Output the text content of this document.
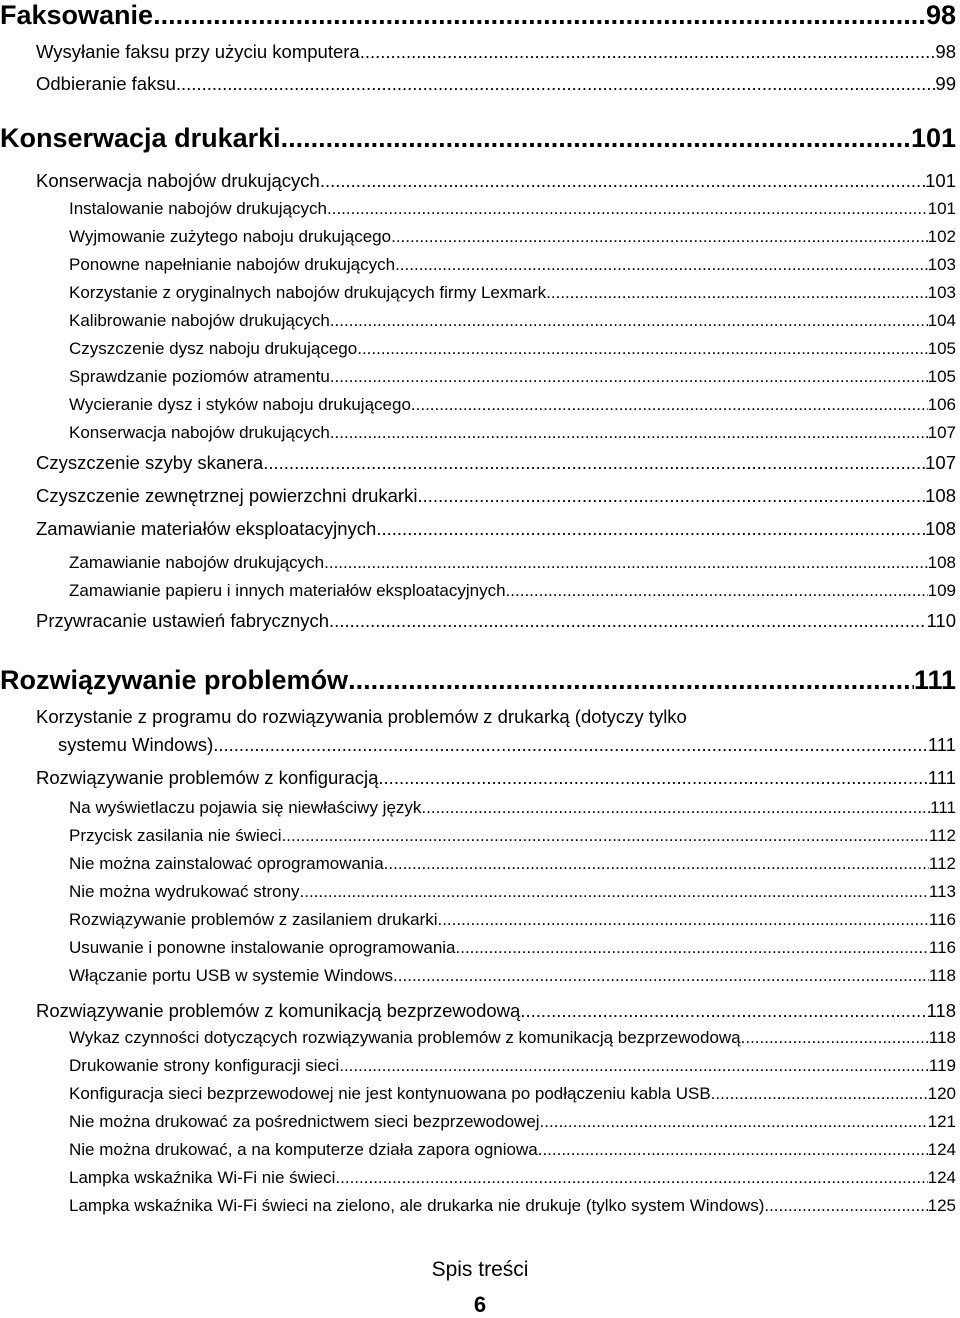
Faksowanie .....	98
Wysyłanie faksu przy użyciu komputera .....	98
Odbieranie faksu .....	99
Konserwacja drukarki .....	101
Konserwacja nabojów drukujących .....	101
Instalowanie nabojów drukujących .....	101
Wyjmowanie zużytego naboju drukującego .....	102
Ponowne napełnianie nabojów drukujących .....	103
Korzystanie z oryginalnych nabojów drukujących firmy Lexmark .....	103
Kalibrowanie nabojów drukujących .....	104
Czyszczenie dysz naboju drukującego .....	105
Sprawdzanie poziomów atramentu .....	105
Wycieranie dysz i styków naboju drukującego .....	106
Konserwacja nabojów drukujących .....	107
Czyszczenie szyby skanera .....	107
Czyszczenie zewnętrznej powierzchni drukarki .....	108
Zamawianie materiałów eksploatacyjnych .....	108
Zamawianie nabojów drukujących .....	108
Zamawianie papieru i innych materiałów eksploatacyjnych .....	109
Przywracanie ustawień fabrycznych .....	110
Rozwiązywanie problemów .....	111
Korzystanie z programu do rozwiązywania problemów z drukarką (dotyczy tylko
systemu Windows) .....	111
Rozwiązywanie problemów z konfiguracją .....	111
Na wyświetlaczu pojawia się niewłaściwy język .....	111
Przycisk zasilania nie świeci .....	112
Nie można zainstalować oprogramowania .....	112
Nie można wydrukować strony .....	113
Rozwiązywanie problemów z zasilaniem drukarki .....	116
Usuwanie i ponowne instalowanie oprogramowania .....	116
Włączanie portu USB w systemie Windows .....	118
Rozwiązywanie problemów z komunikacją bezprzewodową .....	118
Wykaz czynności dotyczących rozwiązywania problemów z komunikacją bezprzewodową .....	118
Drukowanie strony konfiguracji sieci .....	119
Konfiguracja sieci bezprzewodowej nie jest kontynuowana po podłączeniu kabla USB .....	120
Nie można drukować za pośrednictwem sieci bezprzewodowej .....	121
Nie można drukować, a na komputerze działa zapora ogniowa .....	124
Lampka wskaźnika Wi-Fi nie świeci .....	124
Lampka wskaźnika Wi-Fi świeci na zielono, ale drukarka nie drukuje (tylko system Windows) .....	125
Spis treści
6
